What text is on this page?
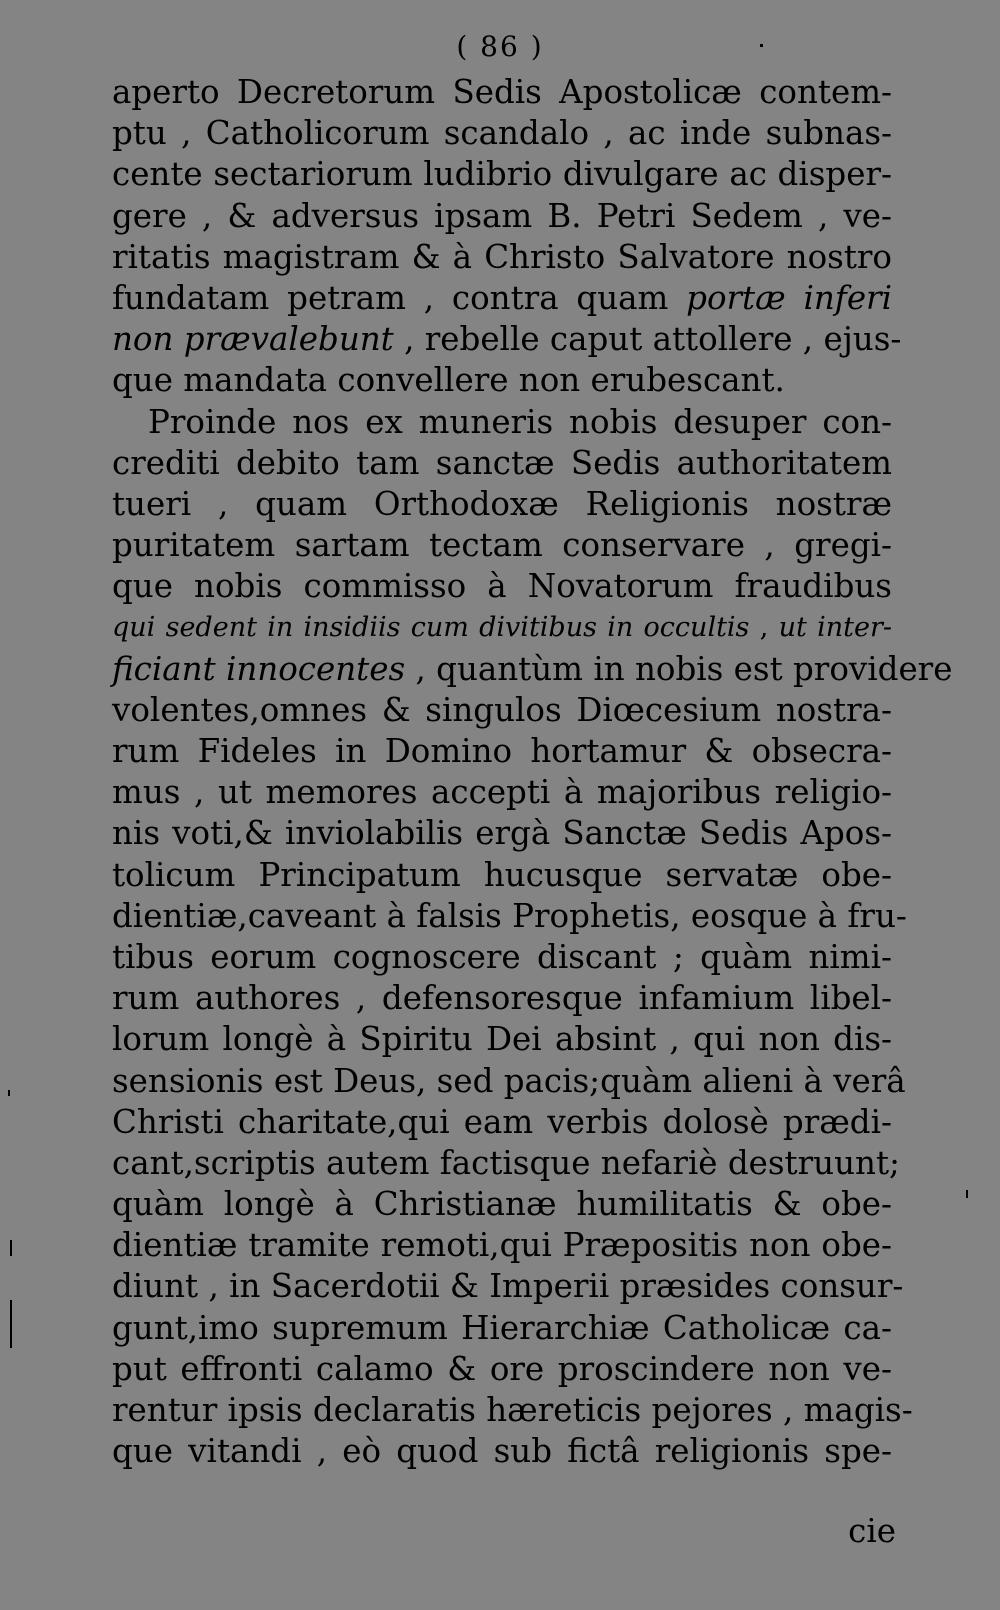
( 86 )
aperto Decretorum Sedis Apostolicæ contem-
ptu , Catholicorum scandalo , ac inde subnas-
cente sectariorum ludibrio divulgare ac disper-
gere , & adversus ipsam B. Petri Sedem , ve-
ritatis magistram & à Christo Salvatore nostro
fundatam petram , contra quam portæ inferi
non prævalebunt , rebelle caput attollere , ejus-
que mandata convellere non erubescant.
Proinde nos ex muneris nobis desuper con-
crediti debito tam sanctæ Sedis authoritatem
tueri , quam Orthodoxæ Religionis nostræ
puritatem sartam tectam conservare , gregi-
que nobis commisso à Novatorum fraudibus
qui sedent in insidiis cum divitibus in occultis , ut inter-
ficiant innocentes , quantùm in nobis est providere
volentes,omnes & singulos Diœcesium nostra-
rum Fideles in Domino hortamur & obsecra-
mus , ut memores accepti à majoribus religio-
nis voti,& inviolabilis ergà Sanctæ Sedis Apos-
tolicum Principatum hucusque servatæ obe-
dientiæ,caveant à falsis Prophetis, eosque à fru-
tibus eorum cognoscere discant ; quàm nimi-
rum authores , defensoresque infamium libel-
lorum longè à Spiritu Dei absint , qui non dis-
sensionis est Deus, sed pacis;quàm alieni à verâ
Christi charitate,qui eam verbis dolosè prædi-
cant,scriptis autem factisque nefariè destruunt;
quàm longè à Christianæ humilitatis & obe-
dientiæ tramite remoti,qui Præpositis non obe-
diunt , in Sacerdotii & Imperii præsides consur-
gunt,imo supremum Hierarchiæ Catholicæ ca-
put effronti calamo & ore proscindere non ve-
rentur ipsis declaratis hæreticis pejores , magis-
que vitandi , eò quod sub fictâ religionis spe-
cie
